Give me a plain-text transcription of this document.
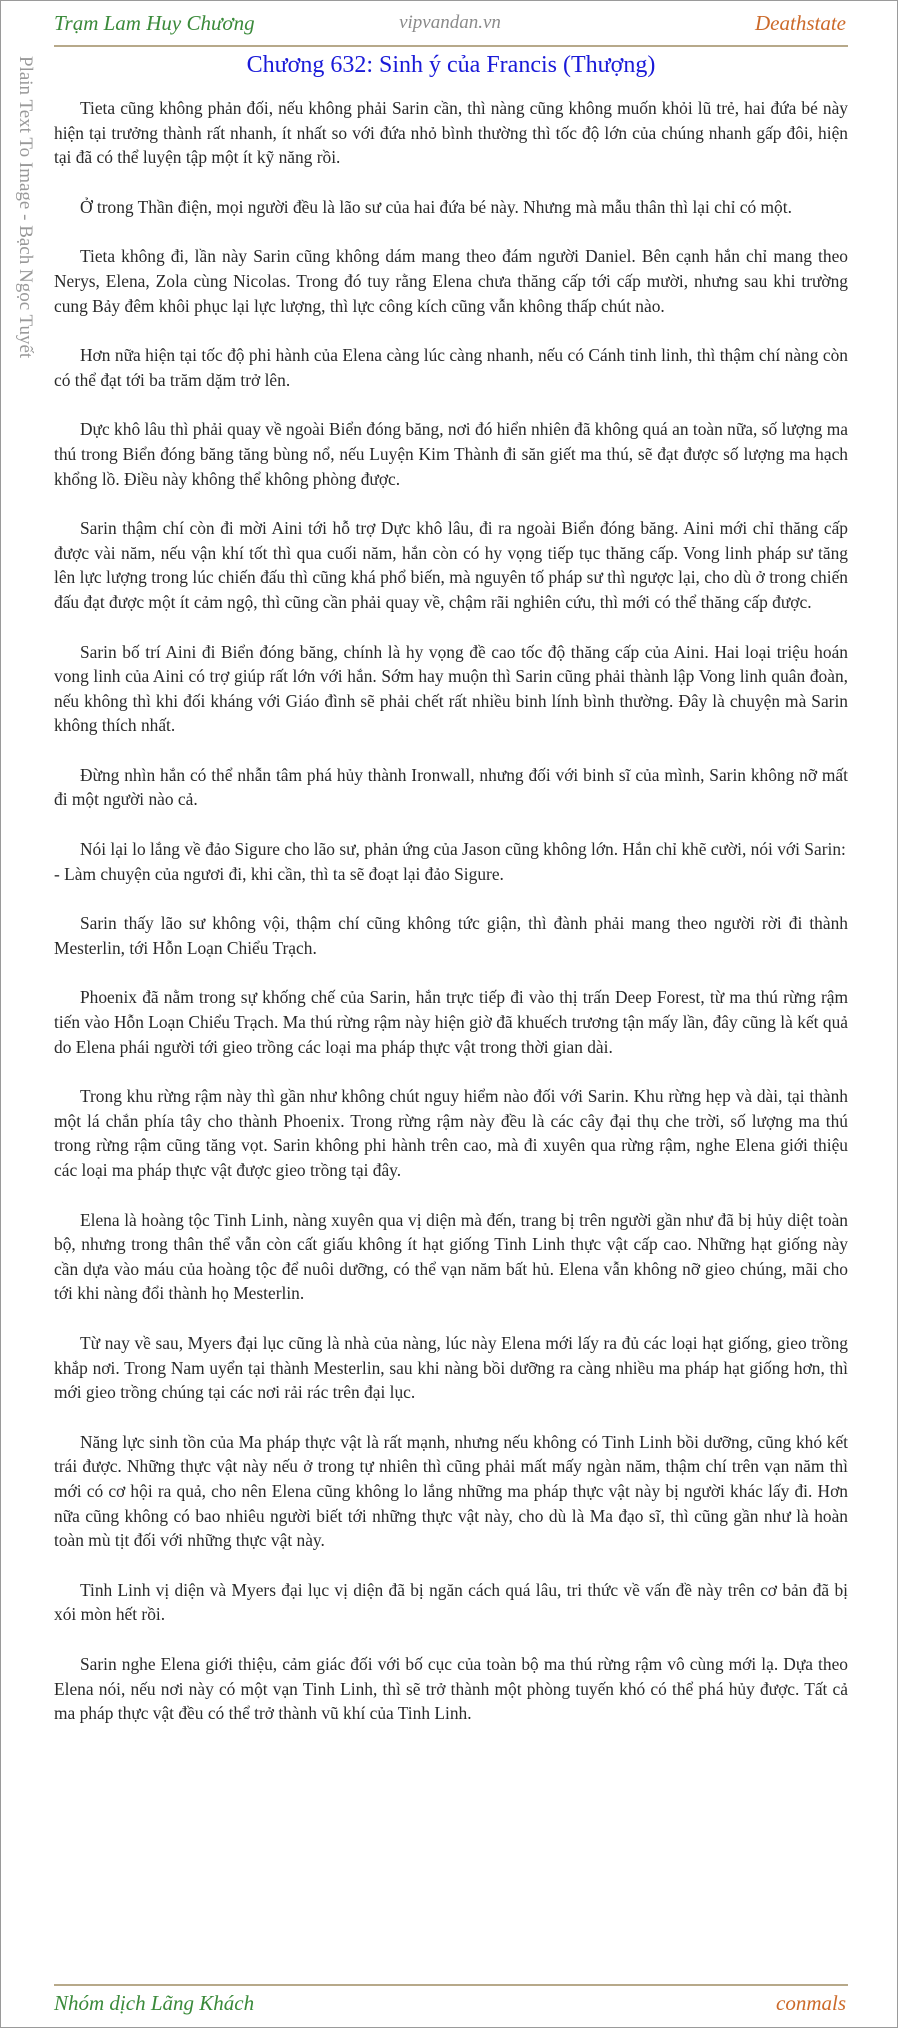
Trạm Lam Huy Chương	vipvandan.vn	Deathstate
Plain Text To Image - Bạch Ngọc Tuyết	Chương 632: Sinh ý của Francis (Thượng)

Tieta cũng không phản đối, nếu không phải Sarin cần, thì nàng cũng không muốn khỏi lũ trẻ, hai đứa bé này hiện tại trưởng thành rất nhanh, ít nhất so với đứa nhỏ bình thường thì tốc độ lớn của chúng nhanh gấp đôi, hiện tại đã có thể luyện tập một ít kỹ năng rồi.

Ở trong Thần điện, mọi người đều là lão sư của hai đứa bé này. Nhưng mà mẫu thân thì lại chỉ có một.

Tieta không đi, lần này Sarin cũng không dám mang theo đám người Daniel. Bên cạnh hắn chỉ mang theo Nerys, Elena, Zola cùng Nicolas. Trong đó tuy rằng Elena chưa thăng cấp tới cấp mười, nhưng sau khi trường cung Bảy đêm khôi phục lại lực lượng, thì lực công kích cũng vẫn không thấp chút nào.

Hơn nữa hiện tại tốc độ phi hành của Elena càng lúc càng nhanh, nếu có Cánh tinh linh, thì thậm chí nàng còn có thể đạt tới ba trăm dặm trở lên.

Dực khô lâu thì phải quay về ngoài Biển đóng băng, nơi đó hiển nhiên đã không quá an toàn nữa, số lượng ma thú trong Biển đóng băng tăng bùng nổ, nếu Luyện Kim Thành đi săn giết ma thú, sẽ đạt được số lượng ma hạch khổng lồ. Điều này không thể không phòng được.

Sarin thậm chí còn đi mời Aini tới hỗ trợ Dực khô lâu, đi ra ngoài Biển đóng băng. Aini mới chỉ thăng cấp được vài năm, nếu vận khí tốt thì qua cuối năm, hắn còn có hy vọng tiếp tục thăng cấp. Vong linh pháp sư tăng lên lực lượng trong lúc chiến đấu thì cũng khá phổ biến, mà nguyên tố pháp sư thì ngược lại, cho dù ở trong chiến đấu đạt được một ít cảm ngộ, thì cũng cần phải quay về, chậm rãi nghiên cứu, thì mới có thể thăng cấp được.

Sarin bố trí Aini đi Biển đóng băng, chính là hy vọng đề cao tốc độ thăng cấp của Aini. Hai loại triệu hoán vong linh của Aini có trợ giúp rất lớn với hắn. Sớm hay muộn thì Sarin cũng phải thành lập Vong linh quân đoàn, nếu không thì khi đối kháng với Giáo đình sẽ phải chết rất nhiều binh lính bình thường. Đây là chuyện mà Sarin không thích nhất.

Đừng nhìn hắn có thể nhẫn tâm phá hủy thành Ironwall, nhưng đối với binh sĩ của mình, Sarin không nỡ mất đi một người nào cả.

Nói lại lo lắng về đảo Sigure cho lão sư, phản ứng của Jason cũng không lớn. Hắn chỉ khẽ cười, nói với Sarin:

- Làm chuyện của ngươi đi, khi cần, thì ta sẽ đoạt lại đảo Sigure.

Sarin thấy lão sư không vội, thậm chí cũng không tức giận, thì đành phải mang theo người rời đi thành Mesterlin, tới Hỗn Loạn Chiểu Trạch.

Phoenix đã nằm trong sự khống chế của Sarin, hắn trực tiếp đi vào thị trấn Deep Forest, từ ma thú rừng rậm tiến vào Hỗn Loạn Chiểu Trạch. Ma thú rừng rậm này hiện giờ đã khuếch trương tận mấy lần, đây cũng là kết quả do Elena phái người tới gieo trồng các loại ma pháp thực vật trong thời gian dài.

Trong khu rừng rậm này thì gần như không chút nguy hiểm nào đối với Sarin. Khu rừng hẹp và dài, tại thành một lá chắn phía tây cho thành Phoenix. Trong rừng rậm này đều là các cây đại thụ che trời, số lượng ma thú trong rừng rậm cũng tăng vọt. Sarin không phi hành trên cao, mà đi xuyên qua rừng rậm, nghe Elena giới thiệu các loại ma pháp thực vật được gieo trồng tại đây.

Elena là hoàng tộc Tinh Linh, nàng xuyên qua vị diện mà đến, trang bị trên người gần như đã bị hủy diệt toàn bộ, nhưng trong thân thể vẫn còn cất giấu không ít hạt giống Tinh Linh thực vật cấp cao. Những hạt giống này cần dựa vào máu của hoàng tộc để nuôi dưỡng, có thể vạn năm bất hủ. Elena vẫn không nỡ gieo chúng, mãi cho tới khi nàng đổi thành họ Mesterlin.

Từ nay về sau, Myers đại lục cũng là nhà của nàng, lúc này Elena mới lấy ra đủ các loại hạt giống, gieo trồng khắp nơi. Trong Nam uyển tại thành Mesterlin, sau khi nàng bồi dưỡng ra càng nhiều ma pháp hạt giống hơn, thì mới gieo trồng chúng tại các nơi rải rác trên đại lục.

Năng lực sinh tồn của Ma pháp thực vật là rất mạnh, nhưng nếu không có Tinh Linh bồi dưỡng, cũng khó kết trái được. Những thực vật này nếu ở trong tự nhiên thì cũng phải mất mấy ngàn năm, thậm chí trên vạn năm thì mới có cơ hội ra quả, cho nên Elena cũng không lo lắng những ma pháp thực vật này bị người khác lấy đi. Hơn nữa cũng không có bao nhiêu người biết tới những thực vật này, cho dù là Ma đạo sĩ, thì cũng gần như là hoàn toàn mù tịt đối với những thực vật này.

Tinh Linh vị diện và Myers đại lục vị diện đã bị ngăn cách quá lâu, tri thức về vấn đề này trên cơ bản đã bị xói mòn hết rồi.

Sarin nghe Elena giới thiệu, cảm giác đối với bố cục của toàn bộ ma thú rừng rậm vô cùng mới lạ. Dựa theo Elena nói, nếu nơi này có một vạn Tinh Linh, thì sẽ trở thành một phòng tuyến khó có thể phá hủy được. Tất cả ma pháp thực vật đều có thể trở thành vũ khí của Tinh Linh.

Nhóm dịch Lãng Khách	conmals
